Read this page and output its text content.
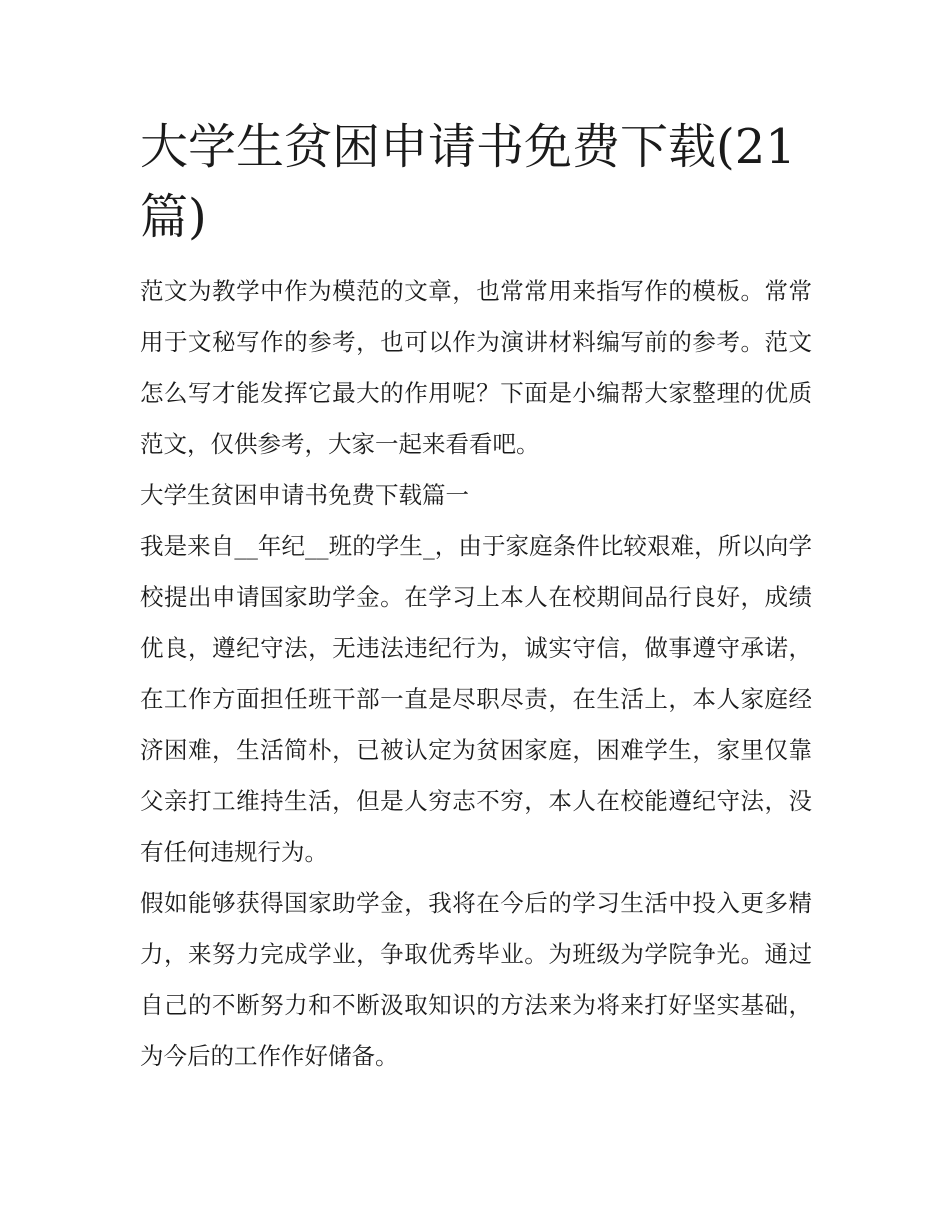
大学生贫困申请书免费下载(21篇)

范文为教学中作为模范的文章，也常常用来指写作的模板。常常用于文秘写作的参考，也可以作为演讲材料编写前的参考。范文怎么写才能发挥它最大的作用呢？下面是小编帮大家整理的优质范文，仅供参考，大家一起来看看吧。

大学生贫困申请书免费下载篇一

我是来自__年纪__班的学生_，由于家庭条件比较艰难，所以向学校提出申请国家助学金。在学习上本人在校期间品行良好，成绩优良，遵纪守法，无违法违纪行为，诚实守信，做事遵守承诺，在工作方面担任班干部一直是尽职尽责，在生活上，本人家庭经济困难，生活简朴，已被认定为贫困家庭，困难学生，家里仅靠父亲打工维持生活，但是人穷志不穷，本人在校能遵纪守法，没有任何违规行为。

假如能够获得国家助学金，我将在今后的学习生活中投入更多精力，来努力完成学业，争取优秀毕业。为班级为学院争光。通过自己的不断努力和不断汲取知识的方法来为将来打好坚实基础，为今后的工作作好储备。
